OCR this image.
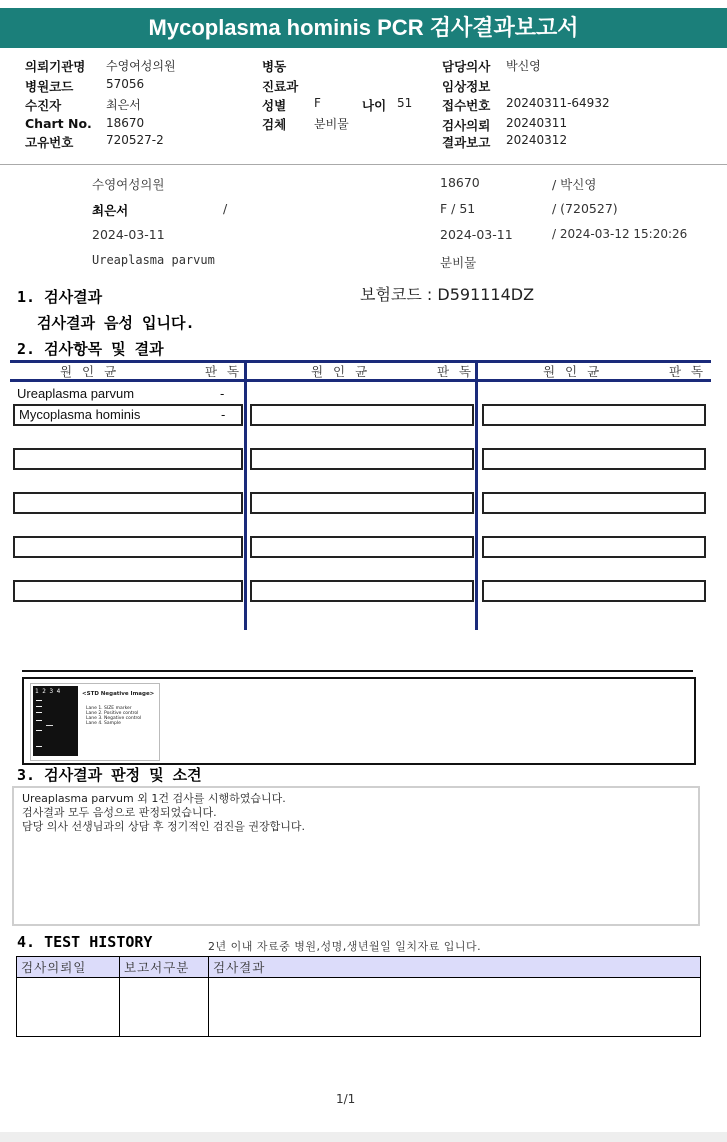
Mycoplasma hominis PCR 검사결과보고서
의뢰기관명 수영여성의원
병원코드	57056
수진자	최은서
Chart No. 18670
고유번호	720527-2
병동
진료과
성별 F	나이 51
검체 분비물
담당의사 박신영
임상정보
접수번호 20240311-64932
검사의뢰 20240311
결과보고 20240312
수영여성의원	18670	/ 박신영
최은서	/	F / 51	/ (720527)
2024-03-11	2024-03-11	/ 2024-03-12 15:20:26
Ureaplasma parvum	분비물
1. 검사결과
검사결과 음성 입니다.
보험코드 : D591114DZ
2. 검사항목 및 결과
원 인 균	판 독	원 인 균	판 독	원 인 균	판 독
Ureaplasma parvum	-
Mycoplasma hominis	-
1 2 3 4	<STD Negative Image>
Lane 1. SIZE marker
Lane 2. Positive control
Lane 3. Negative control
Lane 4. Sample
3. 검사결과 판정 및 소견
Ureaplasma parvum 외 1건 검사를 시행하였습니다.
검사결과 모두 음성으로 판정되었습니다.
담당 의사 선생님과의 상담 후 정기적인 검진을 권장합니다.
4. TEST HISTORY	2년 이내 자료중 병원,성명,생년월일 일치자료 입니다.
검사의뢰일	보고서구분	검사결과

1/1
